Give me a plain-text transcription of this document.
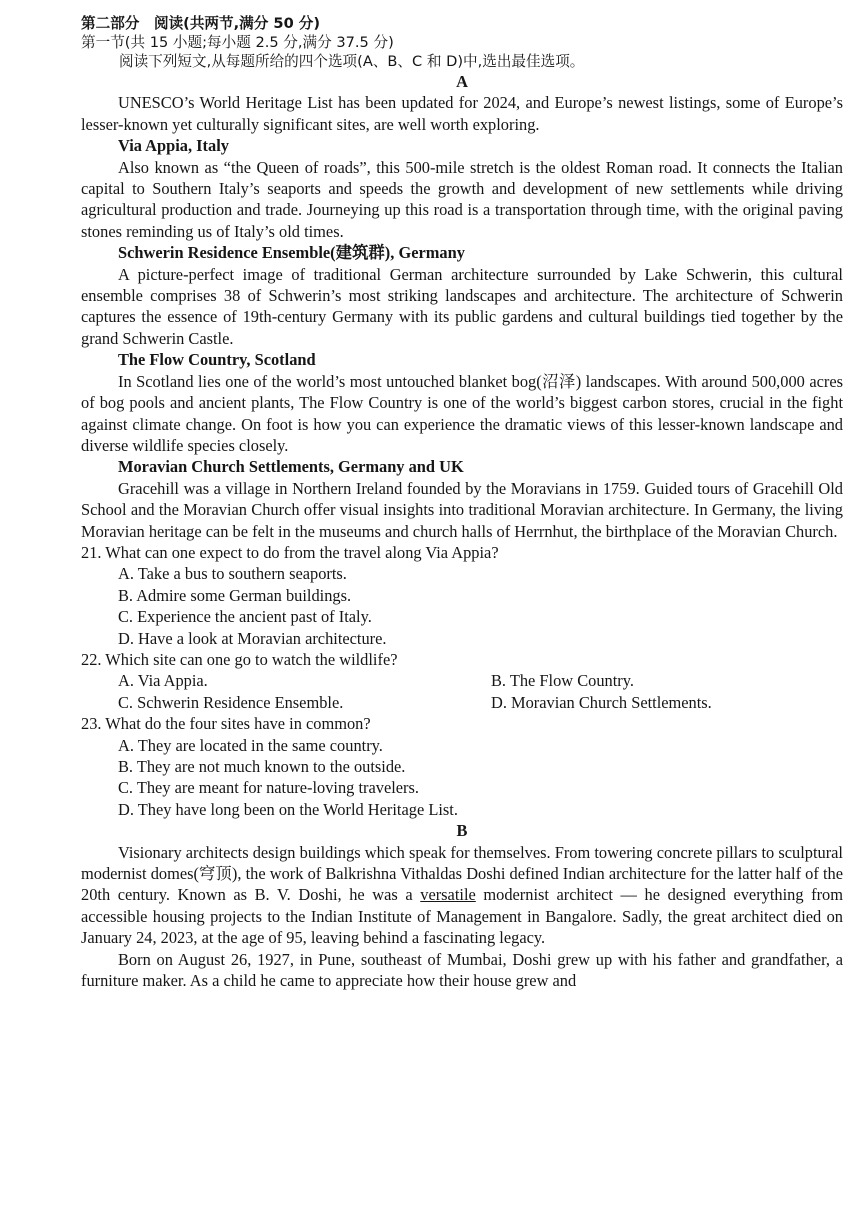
第二部分　阅读(共两节,满分 50 分)

第一节(共 15 小题;每小题 2.5 分,满分 37.5 分)

阅读下列短文,从每题所给的四个选项(A、B、C 和 D)中,选出最佳选项。

A

UNESCO’s World Heritage List has been updated for 2024, and Europe’s newest listings, some of Europe’s lesser-known yet culturally significant sites, are well worth exploring.

Via Appia, Italy

Also known as “the Queen of roads”, this 500-mile stretch is the oldest Roman road. It connects the Italian capital to Southern Italy’s seaports and speeds the growth and development of new settlements while driving agricultural production and trade. Journeying up this road is a transportation through time, with the original paving stones reminding us of Italy’s old times.

Schwerin Residence Ensemble(建筑群), Germany

A picture-perfect image of traditional German architecture surrounded by Lake Schwerin, this cultural ensemble comprises 38 of Schwerin’s most striking landscapes and architecture. The architecture of Schwerin captures the essence of 19th-century Germany with its public gardens and cultural buildings tied together by the grand Schwerin Castle.

The Flow Country, Scotland

In Scotland lies one of the world’s most untouched blanket bog(沼泽) landscapes. With around 500,000 acres of bog pools and ancient plants, The Flow Country is one of the world’s biggest carbon stores, crucial in the fight against climate change. On foot is how you can experience the dramatic views of this lesser-known landscape and diverse wildlife species closely.

Moravian Church Settlements, Germany and UK

Gracehill was a village in Northern Ireland founded by the Moravians in 1759. Guided tours of Gracehill Old School and the Moravian Church offer visual insights into traditional Moravian architecture. In Germany, the living Moravian heritage can be felt in the museums and church halls of Herrnhut, the birthplace of the Moravian Church.

21. What can one expect to do from the travel along Via Appia?

A. Take a bus to southern seaports.

B. Admire some German buildings.

C. Experience the ancient past of Italy.

D. Have a look at Moravian architecture.

22. Which site can one go to watch the wildlife?

A. Via Appia.	B. The Flow Country.
C. Schwerin Residence Ensemble.	D. Moravian Church Settlements.

23. What do the four sites have in common?

A. They are located in the same country.

B. They are not much known to the outside.

C. They are meant for nature-loving travelers.

D. They have long been on the World Heritage List.

B

Visionary architects design buildings which speak for themselves. From towering concrete pillars to sculptural modernist domes(穹顶), the work of Balkrishna Vithaldas Doshi defined Indian architecture for the latter half of the 20th century. Known as B. V. Doshi, he was a versatile modernist architect — he designed everything from accessible housing projects to the Indian Institute of Management in Bangalore. Sadly, the great architect died on January 24, 2023, at the age of 95, leaving behind a fascinating legacy.

Born on August 26, 1927, in Pune, southeast of Mumbai, Doshi grew up with his father and grandfather, a furniture maker. As a child he came to appreciate how their house grew and
